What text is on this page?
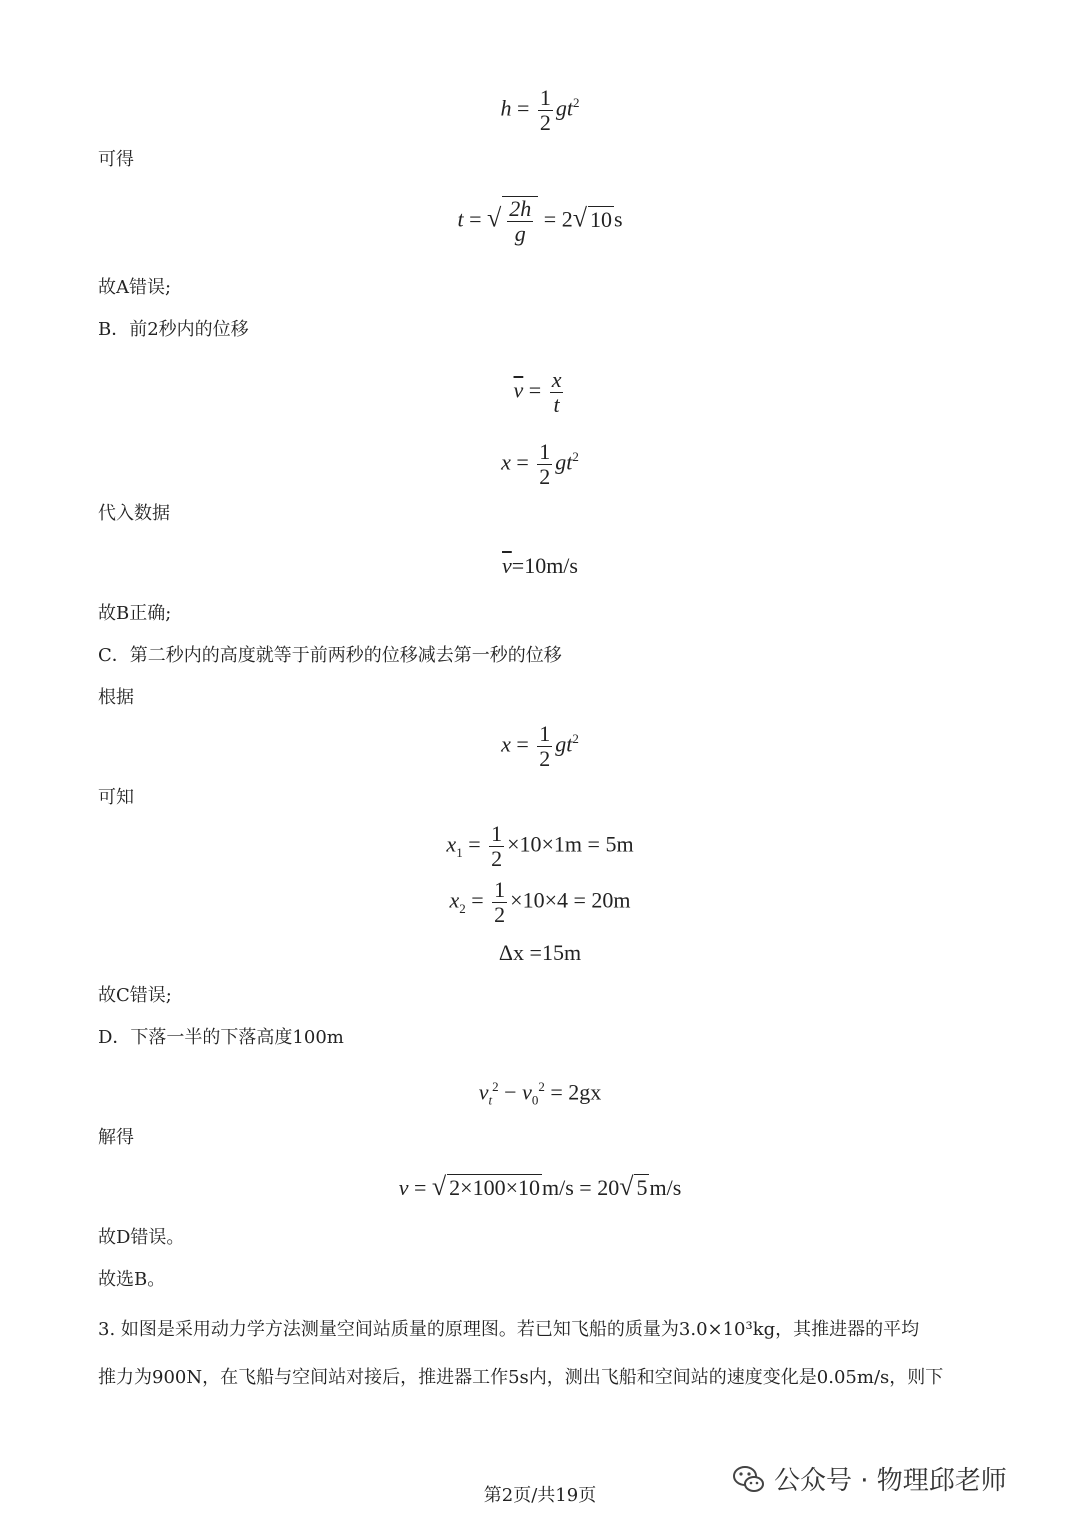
$h = \frac{1}{2} gt^2$
可得
t = √ $\frac{2h}{g} = 2√$ 10s
故A错误;
B．前2秒内的位移
$\overline{v} = \frac{x}{t}$
$x = \frac{1}{2} gt^2$
代入数据
$\overline{v}=10m/s$
故B正确;
C．第二秒内的高度就等于前两秒的位移减去第一秒的位移
根据
$x = \frac{1}{2} gt^2$
可知
$x_1 = \frac{1}{2} \times 10\times 1m = 5m$
$x_2 = \frac{1}{2} \times 10\times 4 = 20m$
Δx =15m
故C错误;
D．下落一半的下落高度100m
$v_t^2 - v_0^2 = 2gx$
解得
v = √ 2×100×10m/s = 20√ 5m/s
故D错误。
故选B。
3. 如图是采用动力学方法测量空间站质量的原理图。若已知飞船的质量为3.0×10³kg，其推进器的平均
推力为900N，在飞船与空间站对接后，推进器工作5s内，测出飞船和空间站的速度变化是0.05m/s，则下
第2页/共19页	公众号 · 物理邱老师
